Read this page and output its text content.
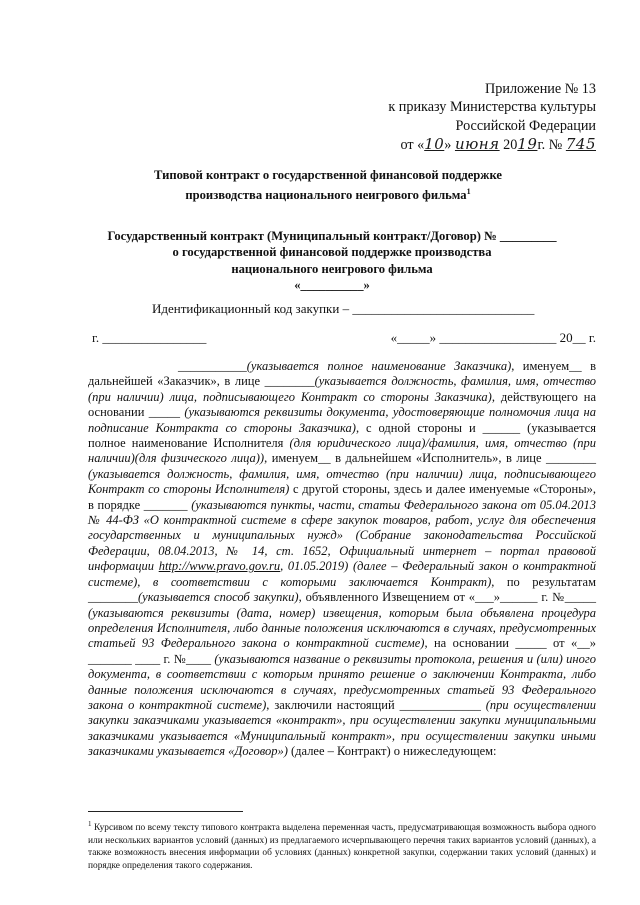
Приложение № 13
к приказу Министерства культуры
Российской Федерации
от «10» июня 2019г. № 745
Типовой контракт о государственной финансовой поддержке
производства национального неигрового фильма$^1$
Государственный контракт (Муниципальный контракт/Договор) № _________
о государственной финансовой поддержке производства
национального неигрового фильма
«__________»
Идентификационный код закупки – ____________________________
г. ________________	«_____» __________________ 20__ г.

___________(указывается полное наименование Заказчика), именуем__ в дальнейшей «Заказчик», в лице ________(указывается должность, фамилия, имя, отчество (при наличии) лица, подписывающего Контракт со стороны Заказчика), действующего на основании _____ (указываются реквизиты документа, удостоверяющие полномочия лица на подписание Контракта со стороны Заказчика), с одной стороны и ______ (указывается полное наименование Исполнителя (для юридического лица)/фамилия, имя, отчество (при наличии)(для физического лица)), именуем__ в дальнейшем «Исполнитель», в лице ________ (указывается должность, фамилия, имя, отчество (при наличии) лица, подписывающего Контракт со стороны Исполнителя) с другой стороны, здесь и далее именуемые «Стороны», в порядке _______ (указываются пункты, части, статьи Федерального закона от 05.04.2013 № 44-ФЗ «О контрактной системе в сфере закупок товаров, работ, услуг для обеспечения государственных и муниципальных нужд» (Собрание законодательства Российской Федерации, 08.04.2013, № 14, ст. 1652, Официальный интернет – портал правовой информации http://www.pravo.gov.ru, 01.05.2019) (далее – Федеральный закон о контрактной системе), в соответствии с которыми заключается Контракт), по результатам ________(указывается способ закупки), объявленного Извещением от «___»______ г. №_____ (указываются реквизиты (дата, номер) извещения, которым была объявлена процедура определения Исполнителя, либо данные положения исключаются в случаях, предусмотренных статьей 93 Федерального закона о контрактной системе), на основании _____ от «__» _______ ____ г. №____ (указываются название о реквизиты протокола, решения и (или) иного документа, в соответствии с которым принято решение о заключении Контракта, либо данные положения исключаются в случаях, предусмотренных статьей 93 Федерального закона о контрактной системе), заключили настоящий _____________ (при осуществлении закупки заказчиками указывается «контракт», при осуществлении закупки муниципальными заказчиками указывается «Муниципальный контракт», при осуществлении закупки иными заказчиками указывается «Договор») (далее – Контракт) о нижеследующем:

$^1$ Курсивом по всему тексту типового контракта выделена переменная часть, предусматривающая возможность выбора одного или нескольких вариантов условий (данных) из предлагаемого исчерпывающего перечня таких вариантов условий (данных), а также возможность внесения информации об условиях (данных) конкретной закупки, содержании таких условий (данных) и порядке определения такого содержания.
